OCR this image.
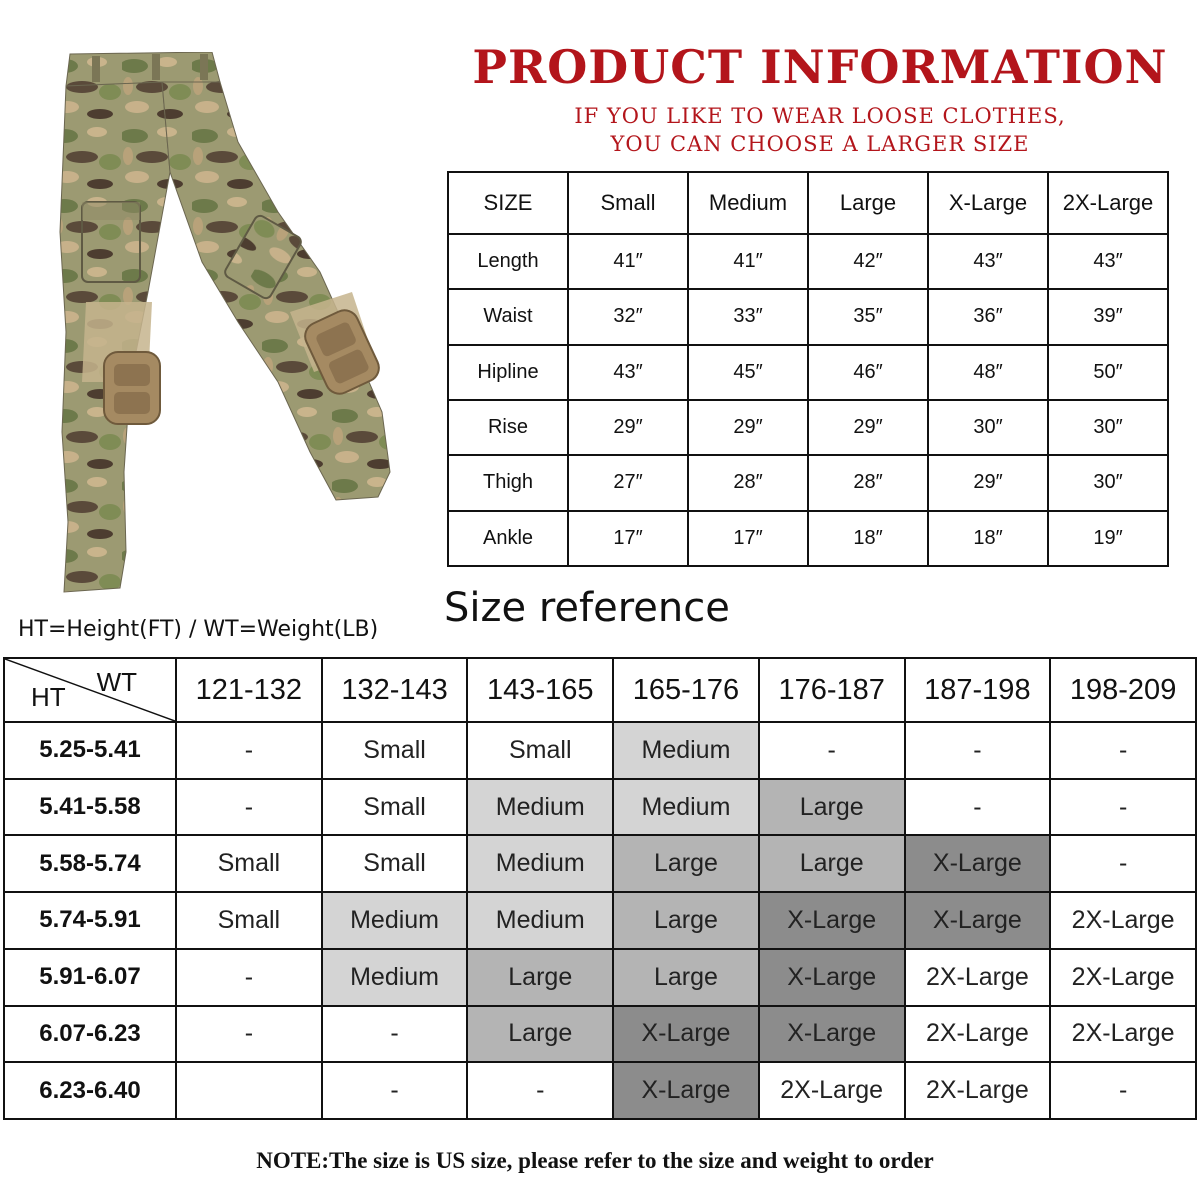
PRODUCT INFORMATION
IF YOU LIKE TO WEAR LOOSE CLOTHES,
YOU CAN CHOOSE A LARGER SIZE
SIZE	Small	Medium	Large	X-Large	2X-Large
Length	41″	41″	42″	43″	43″
Waist	32″	33″	35″	36″	39″
Hipline	43″	45″	46″	48″	50″
Rise	29″	29″	29″	30″	30″
Thigh	27″	28″	28″	29″	30″
Ankle	17″	17″	18″	18″	19″
Size reference
HT=Height(FT) / WT=Weight(LB)
WT
HT	121-132	132-143	143-165	165-176	176-187	187-198	198-209
5.25-5.41	-	Small	Small	Medium	-	-	-
5.41-5.58	-	Small	Medium	Medium	Large	-	-
5.58-5.74	Small	Small	Medium	Large	Large	X-Large	-
5.74-5.91	Small	Medium	Medium	Large	X-Large	X-Large	2X-Large
5.91-6.07	-	Medium	Large	Large	X-Large	2X-Large	2X-Large
6.07-6.23	-	-	Large	X-Large	X-Large	2X-Large	2X-Large
6.23-6.40		-	-	X-Large	2X-Large	2X-Large	-
NOTE:The size is US size, please refer to the size and weight to order
